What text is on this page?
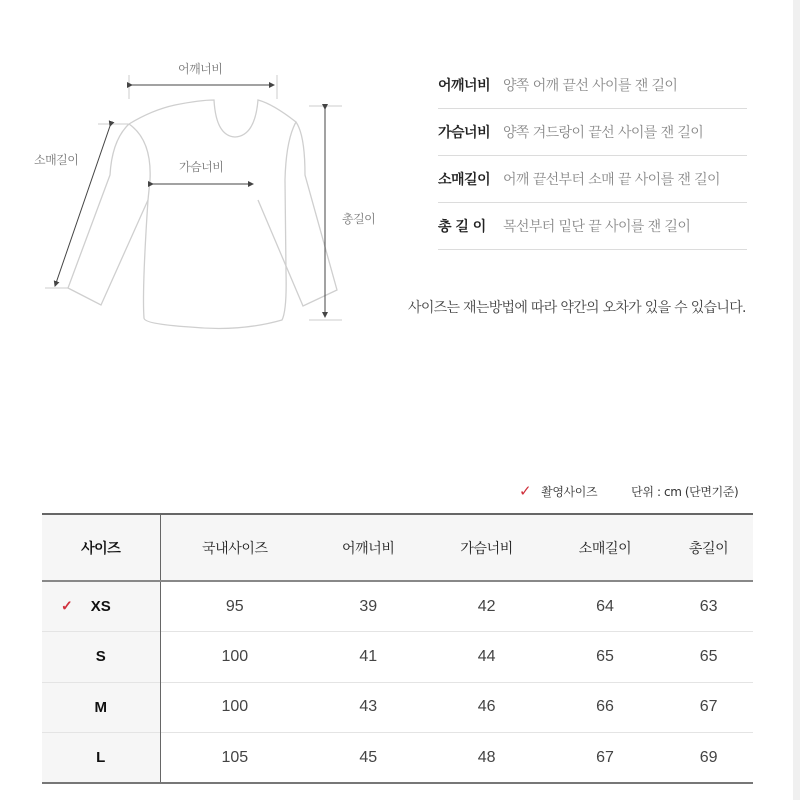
어깨너비
가슴너비
소매길이
총길이
어깨너비 양쪽 어깨 끝선 사이를 잰 길이
가슴너비 양쪽 겨드랑이 끝선 사이를 잰 길이
소매길이 어깨 끝선부터 소매 끝 사이를 잰 길이
총 길 이	목선부터 밑단 끝 사이를 잰 길이
사이즈는 재는방법에 따라 약간의 오차가 있을 수 있습니다.
✓ 촬영사이즈	단위 : cm (단면기준)
사이즈	국내사이즈	어깨너비	가슴너비	소매길이	총길이

✓ XS	95	39	42	64	63
S	100	41	44	65	65
M	100	43	46	66	67
L	105	45	48	67	69
